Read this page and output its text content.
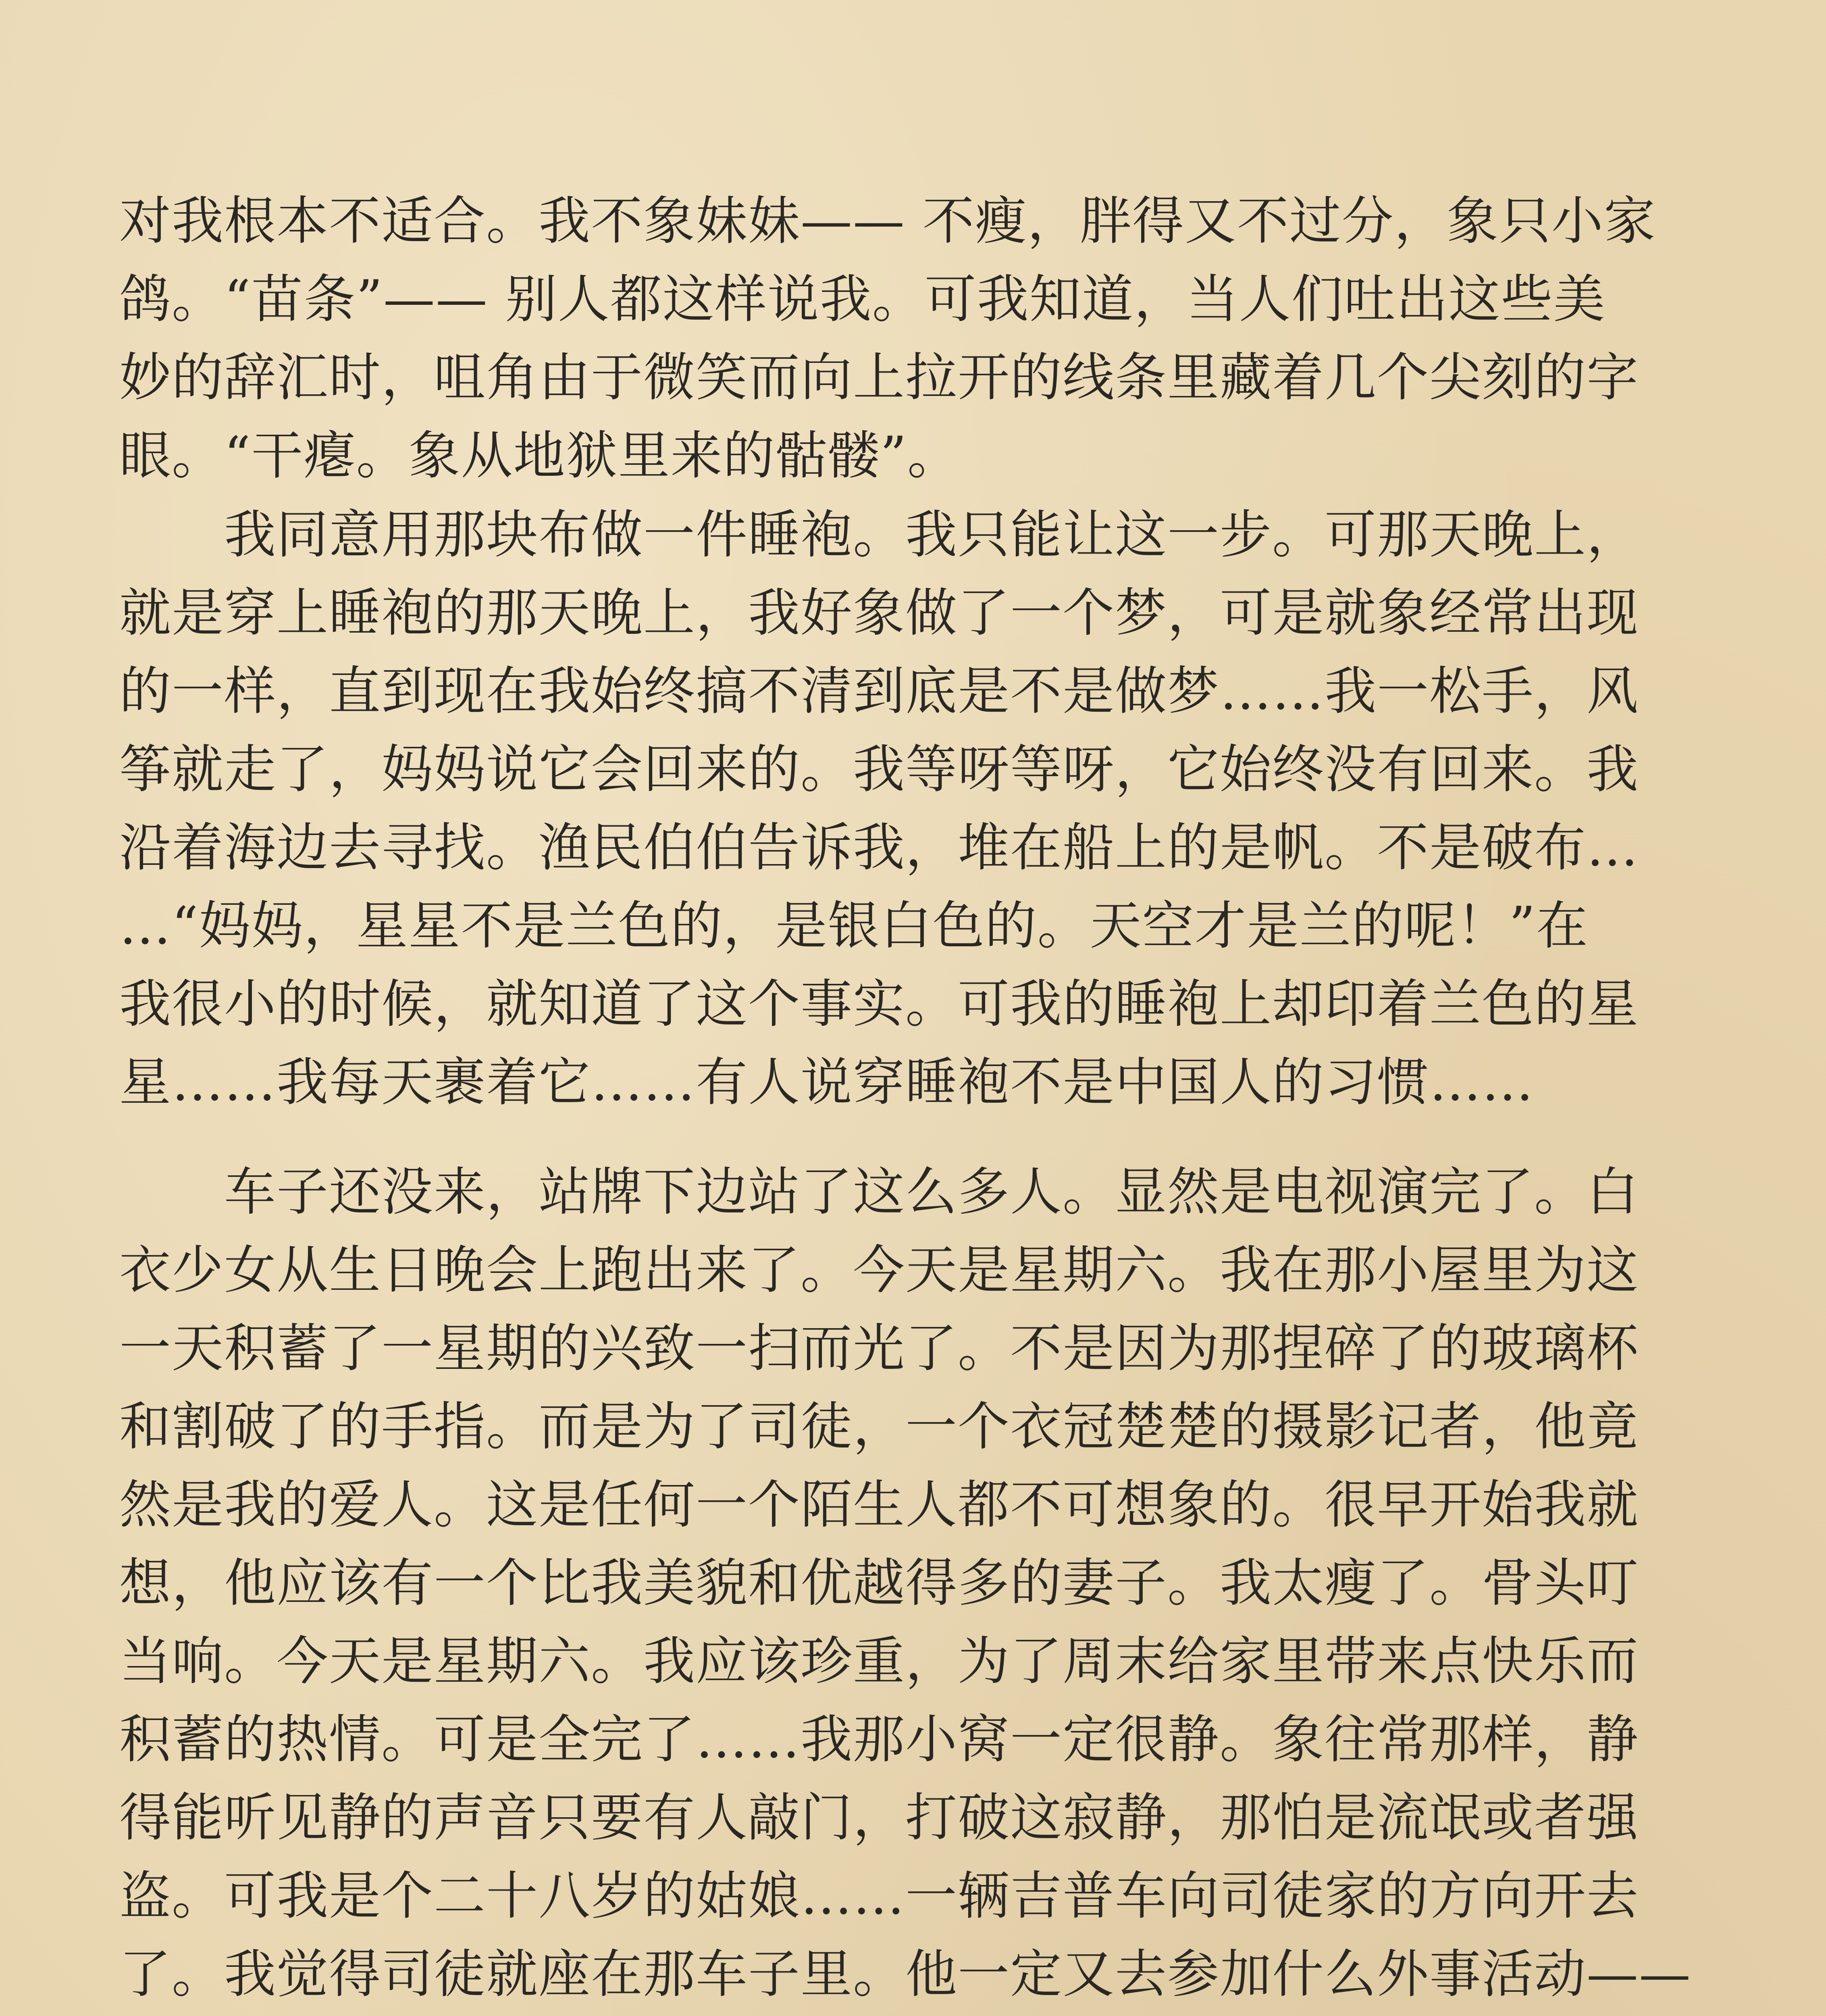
对我根本不适合。我不象妹妹—— 不瘦，胖得又不过分，象只小家
鸽。“苗条”—— 别人都这样说我。可我知道，当人们吐出这些美
妙的辞汇时，咀角由于微笑而向上拉开的线条里藏着几个尖刻的字
眼。“干瘪。象从地狱里来的骷髅”。
我同意用那块布做一件睡袍。我只能让这一步。可那天晚上，
就是穿上睡袍的那天晚上，我好象做了一个梦，可是就象经常出现
的一样，直到现在我始终搞不清到底是不是做梦……我一松手，风
筝就走了，妈妈说它会回来的。我等呀等呀，它始终没有回来。我
沿着海边去寻找。渔民伯伯告诉我，堆在船上的是帆。不是破布…
…“妈妈，星星不是兰色的，是银白色的。天空才是兰的呢！”在
我很小的时候，就知道了这个事实。可我的睡袍上却印着兰色的星
星……我每天裹着它……有人说穿睡袍不是中国人的习惯……
车子还没来，站牌下边站了这么多人。显然是电视演完了。白
衣少女从生日晚会上跑出来了。今天是星期六。我在那小屋里为这
一天积蓄了一星期的兴致一扫而光了。不是因为那捏碎了的玻璃杯
和割破了的手指。而是为了司徒，一个衣冠楚楚的摄影记者，他竟
然是我的爱人。这是任何一个陌生人都不可想象的。很早开始我就
想，他应该有一个比我美貌和优越得多的妻子。我太瘦了。骨头叮
当响。今天是星期六。我应该珍重，为了周末给家里带来点快乐而
积蓄的热情。可是全完了……我那小窝一定很静。象往常那样，静
得能听见静的声音只要有人敲门，打破这寂静，那怕是流氓或者强
盗。可我是个二十八岁的姑娘……一辆吉普车向司徒家的方向开去
了。我觉得司徒就座在那车子里。他一定又去参加什么外事活动——
